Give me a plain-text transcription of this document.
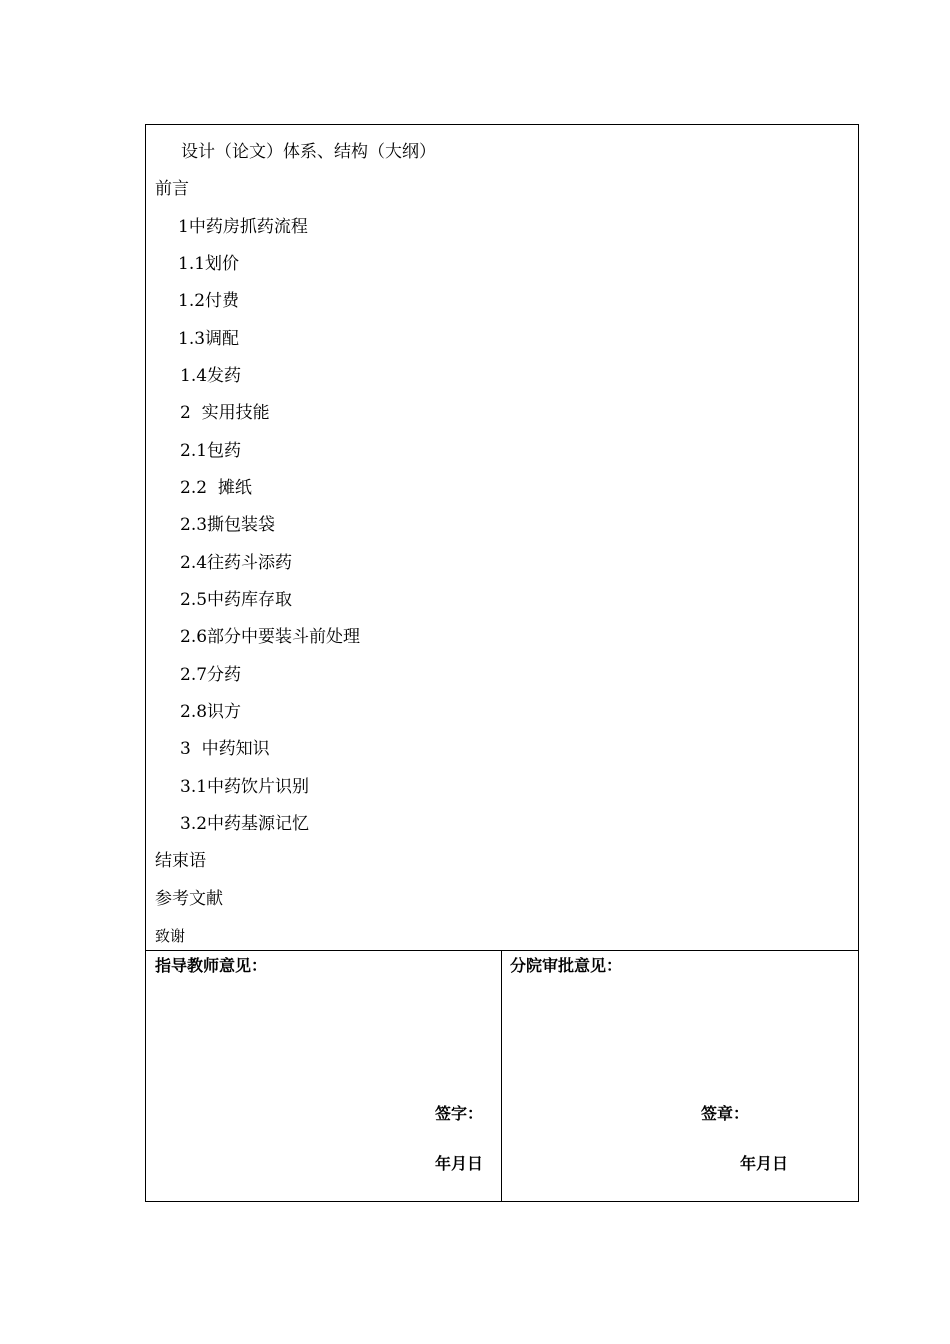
设计（论文）体系、结构（大纲）
前言
1中药房抓药流程
1.1划价
1.2付费
1.3调配
1.4发药
2  实用技能
2.1包药
2.2  摊纸
2.3撕包装袋
2.4往药斗添药
2.5中药库存取
2.6部分中要装斗前处理
2.7分药
2.8识方
3  中药知识
3.1中药饮片识别
3.2中药基源记忆
结束语
参考文献
致谢
指导教师意见：
签字：
年月日
分院审批意见：
签章：
年月日
